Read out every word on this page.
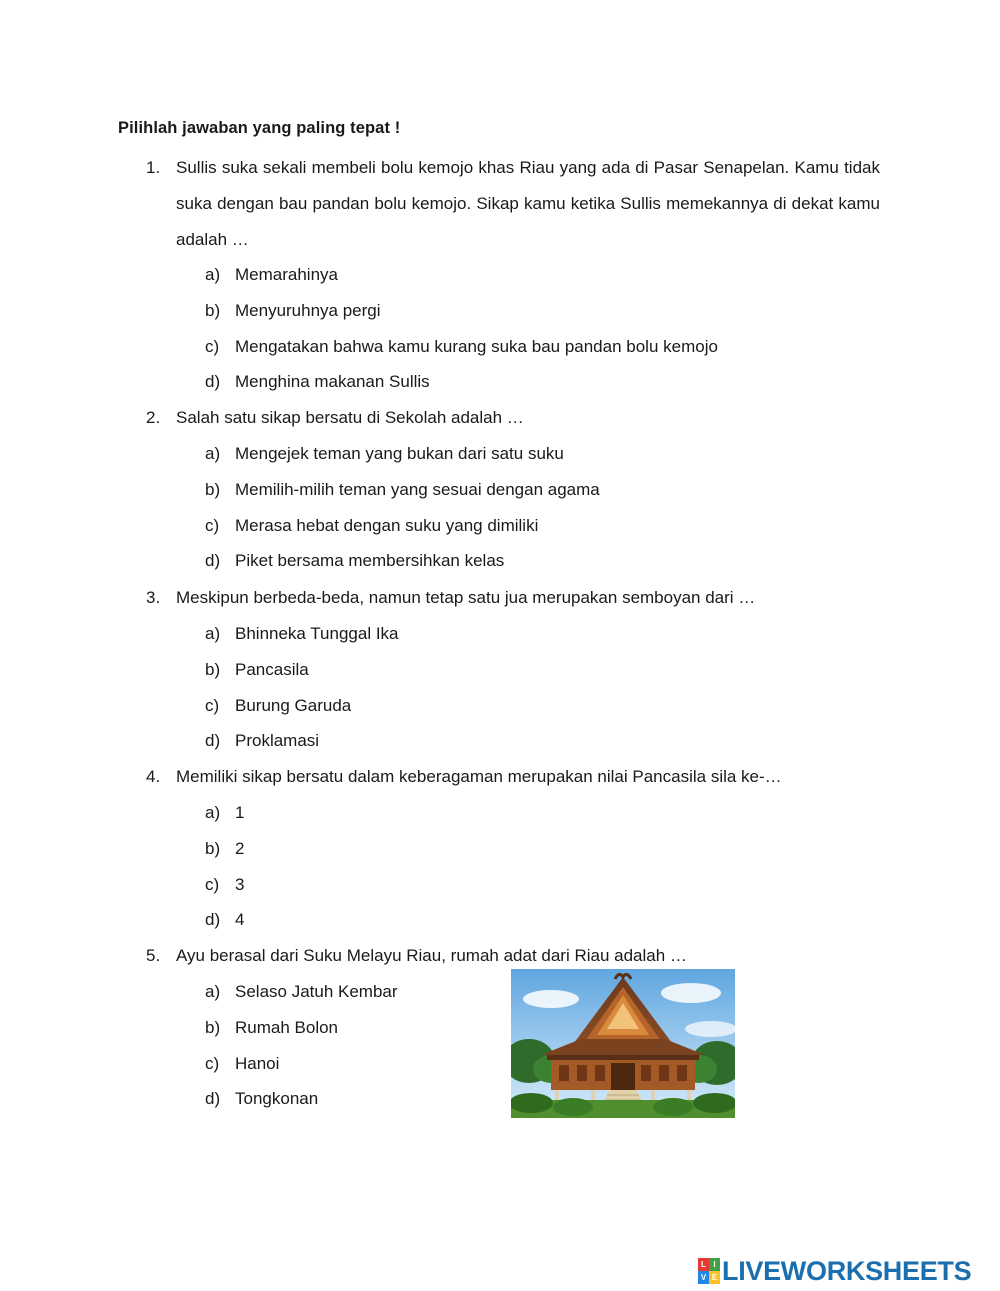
Pilihlah jawaban yang paling tepat !
1. Sullis suka sekali membeli bolu kemojo khas Riau yang ada di Pasar Senapelan. Kamu tidak suka dengan bau pandan bolu kemojo. Sikap kamu ketika Sullis memekannya di dekat kamu adalah …
a) Memarahinya
b) Menyuruhnya pergi
c) Mengatakan bahwa kamu kurang suka bau pandan bolu kemojo
d) Menghina makanan Sullis
2. Salah satu sikap bersatu di Sekolah adalah …
a) Mengejek teman yang bukan dari satu suku
b) Memilih-milih teman yang sesuai dengan agama
c) Merasa hebat dengan suku yang dimiliki
d) Piket bersama membersihkan kelas
3. Meskipun berbeda-beda, namun tetap satu jua merupakan semboyan dari …
a) Bhinneka Tunggal Ika
b) Pancasila
c) Burung Garuda
d) Proklamasi
4. Memiliki sikap bersatu dalam keberagaman merupakan nilai Pancasila sila ke-…
a) 1
b) 2
c) 3
d) 4
5. Ayu berasal dari Suku Melayu Riau, rumah adat dari Riau adalah …
a) Selaso Jatuh Kembar
b) Rumah Bolon
c) Hanoi
d) Tongkonan
L I
V E LIVEWORKSHEETS
